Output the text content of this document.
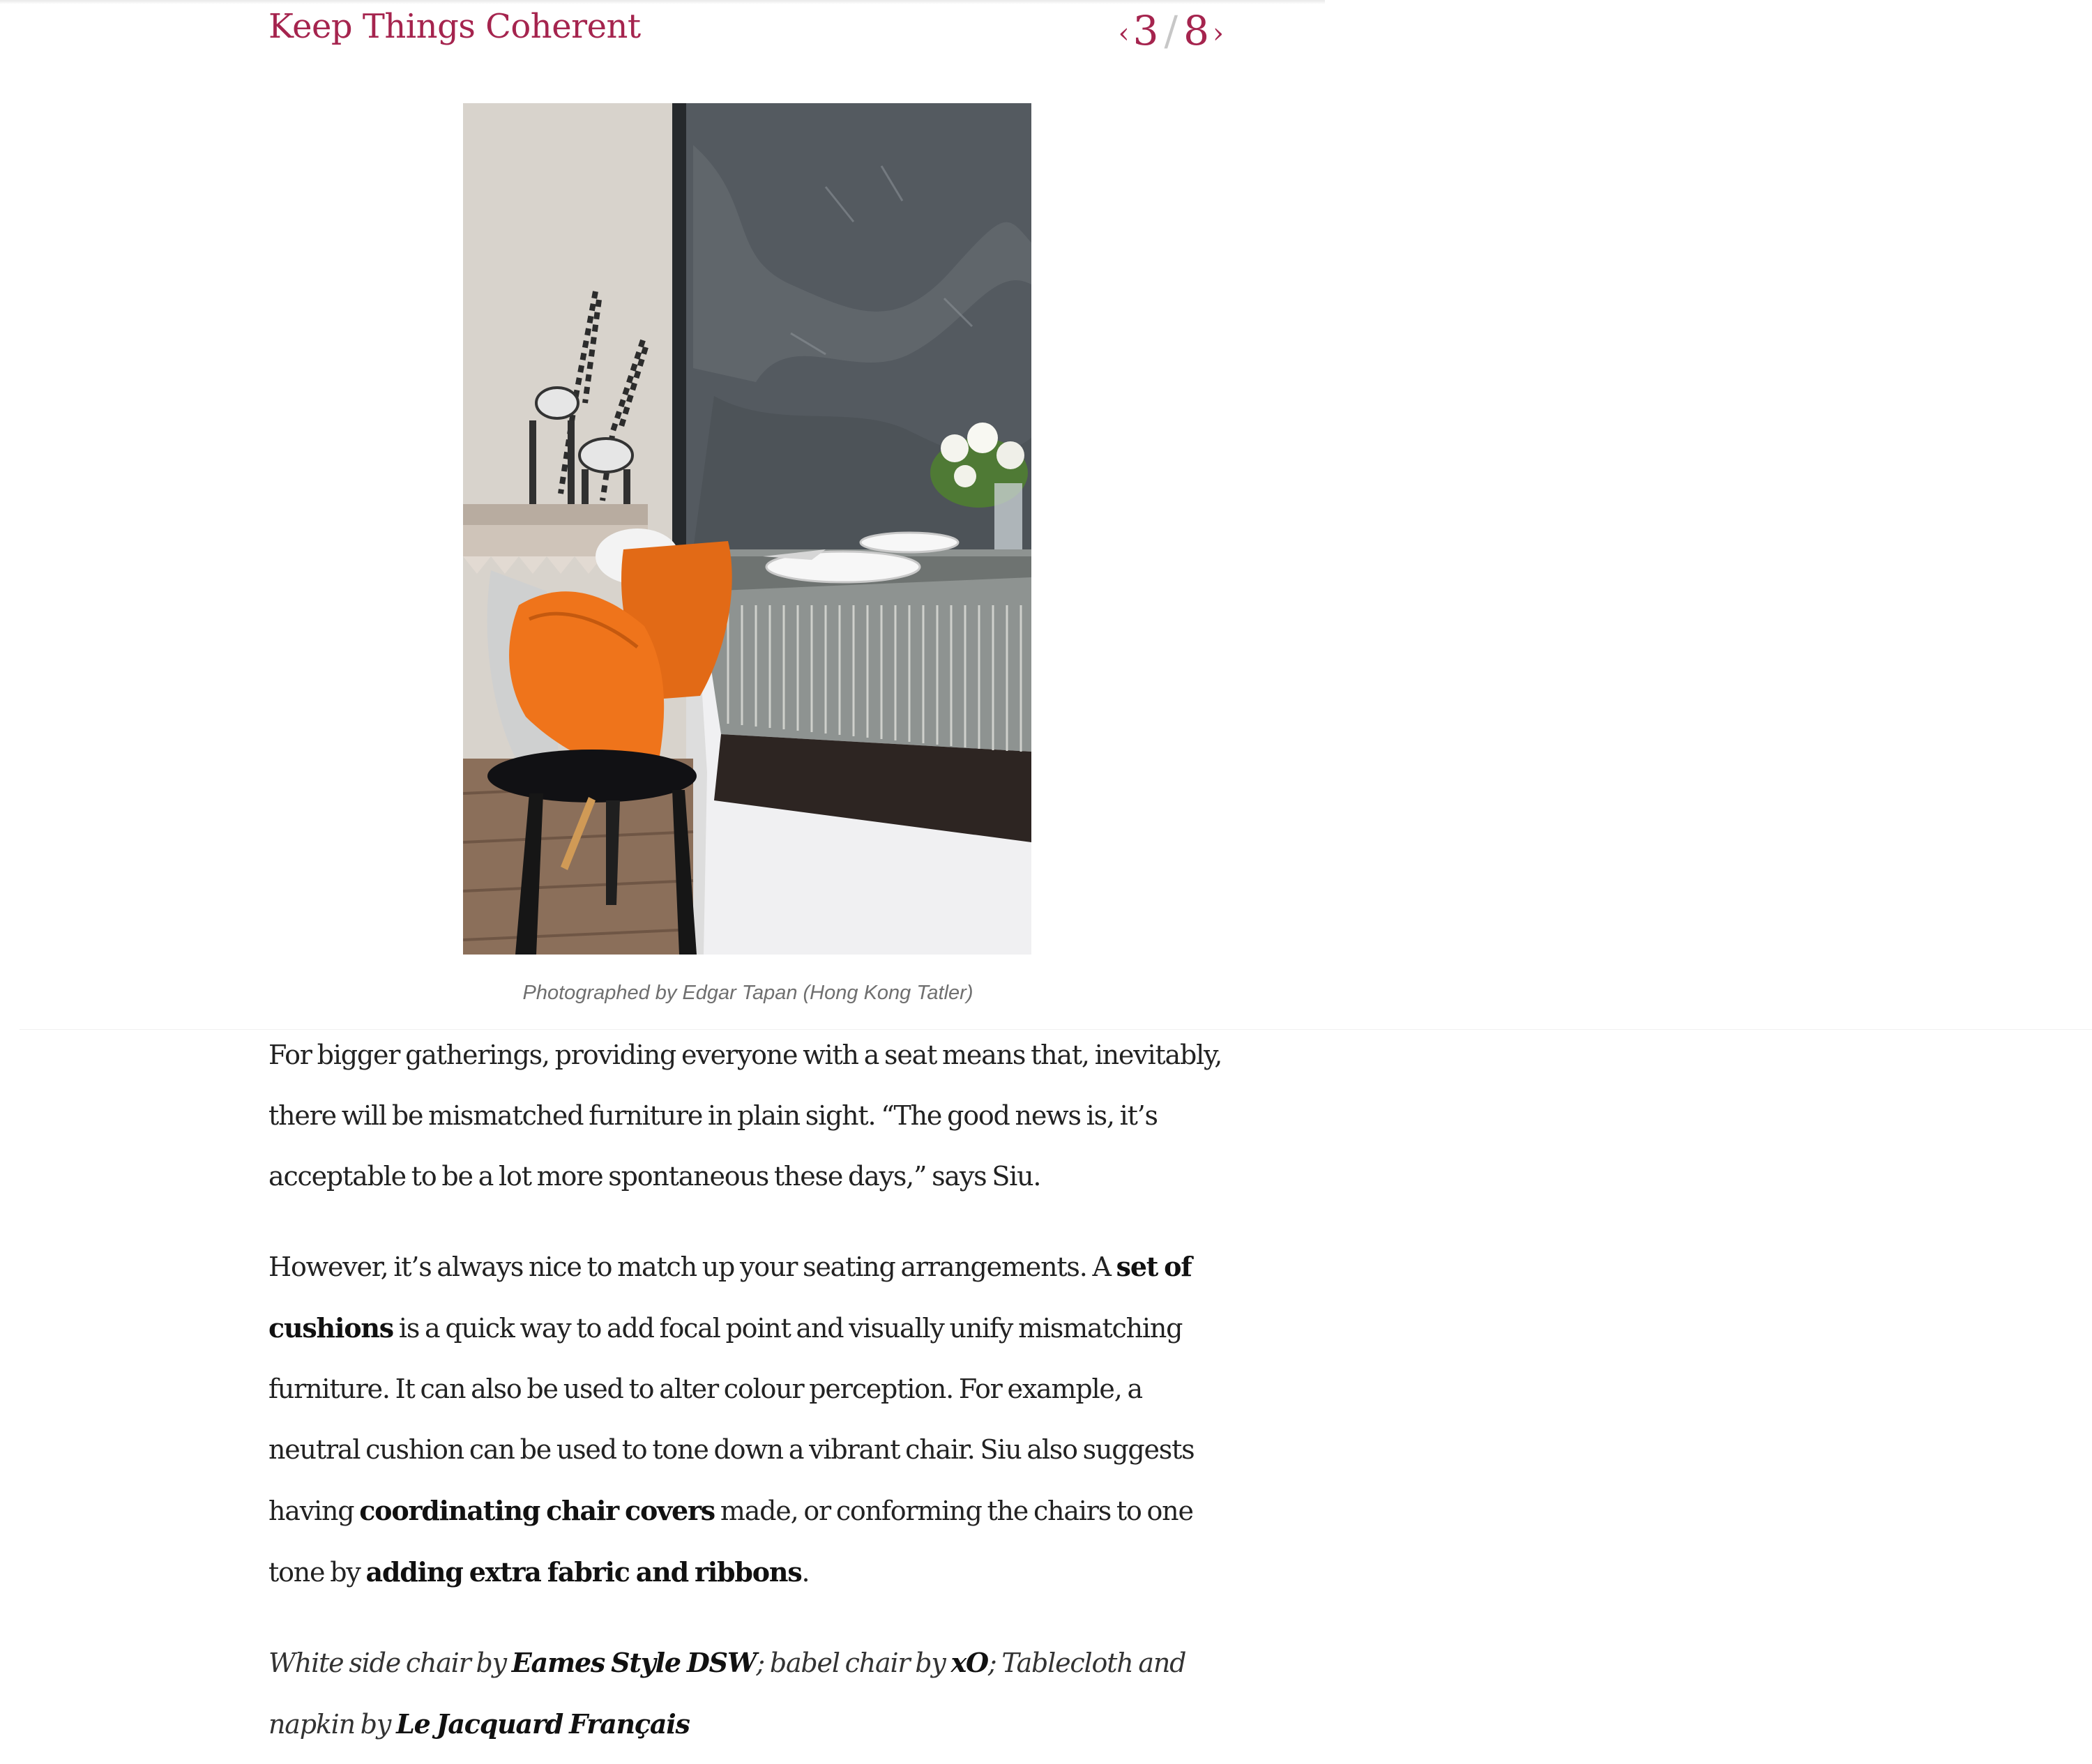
Keep Things Coherent	‹ 3 / 8 ›
Photographed by Edgar Tapan (Hong Kong Tatler)

For bigger gatherings, providing everyone with a seat means that, inevitably, there will be mismatched furniture in plain sight. “The good news is, it’s acceptable to be a lot more spontaneous these days,” says Siu.

However, it’s always nice to match up your seating arrangements. A set of cushions is a quick way to add focal point and visually unify mismatching furniture. It can also be used to alter colour perception. For example, a neutral cushion can be used to tone down a vibrant chair. Siu also suggests having coordinating chair covers made, or conforming the chairs to one tone by adding extra fabric and ribbons.

White side chair by Eames Style DSW; babel chair by xO; Tablecloth and napkin by Le Jacquard Français
